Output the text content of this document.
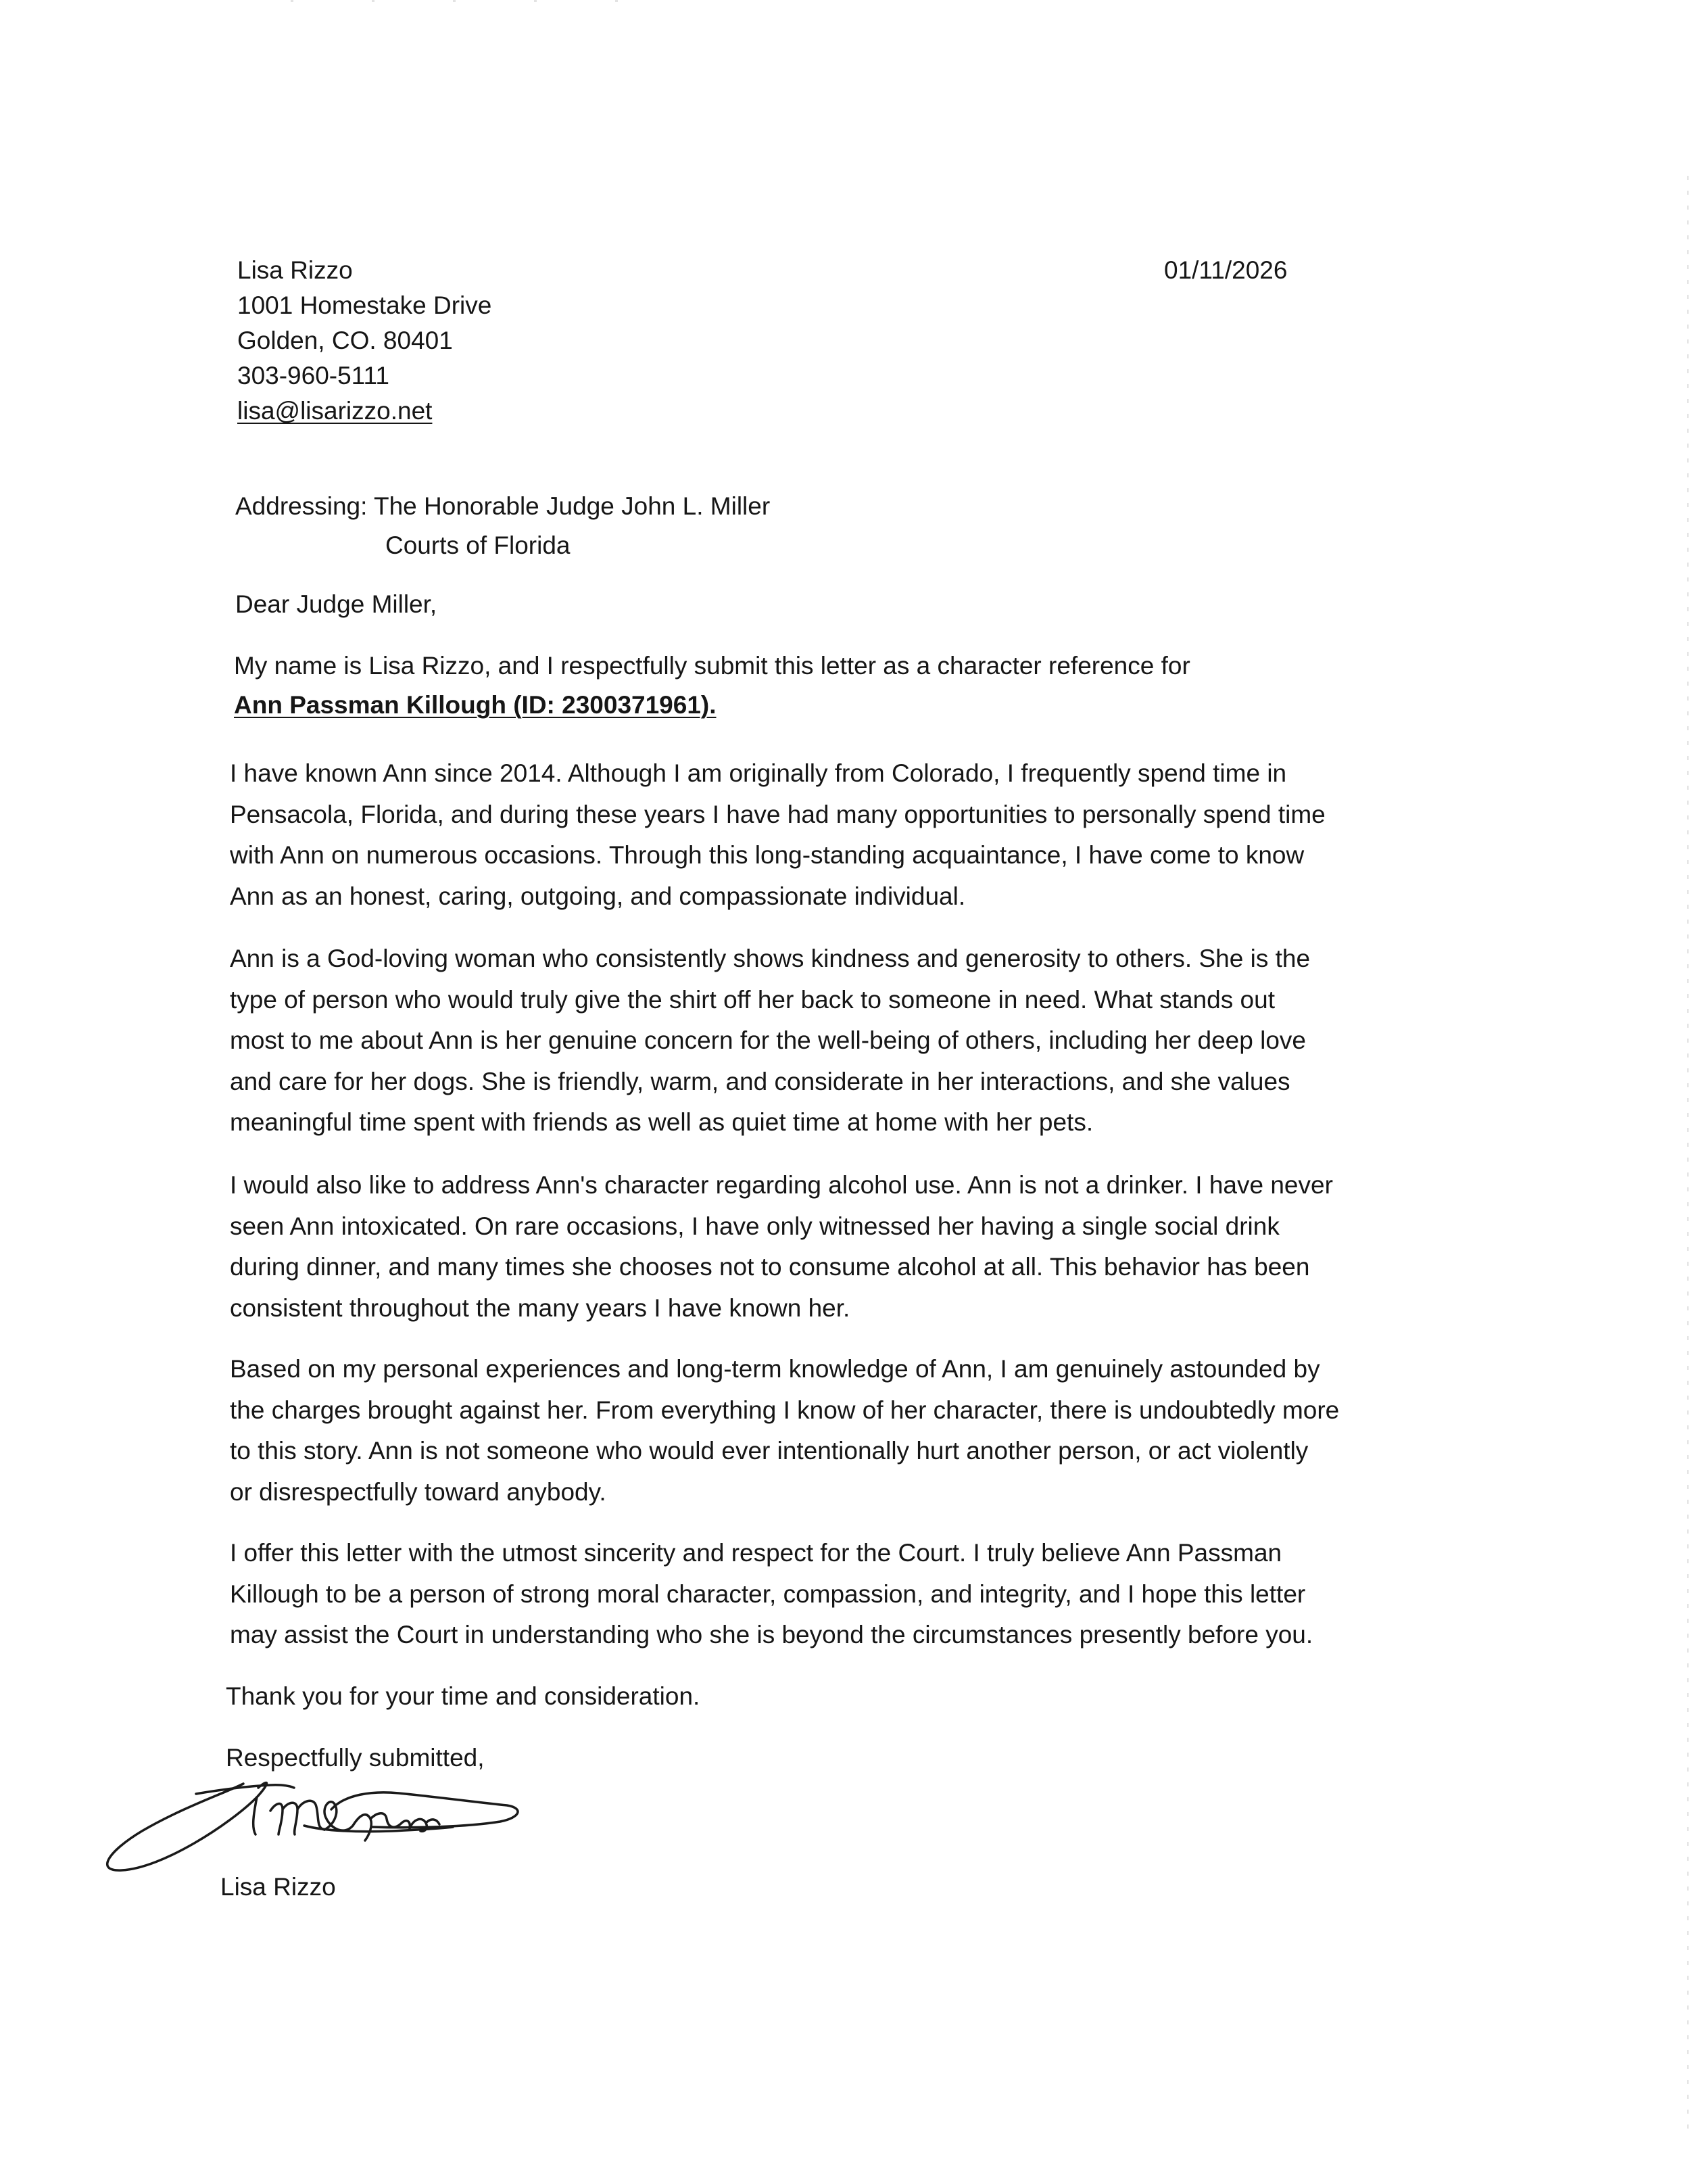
Lisa Rizzo
1001 Homestake Drive
Golden, CO. 80401
303-960-5111
lisa@lisarizzo.net
01/11/2026
Addressing: The Honorable Judge John L. Miller
Courts of Florida
Dear Judge Miller,
My name is Lisa Rizzo, and I respectfully submit this letter as a character reference for
Ann Passman Killough (ID: 2300371961).

I have known Ann since 2014. Although I am originally from Colorado, I frequently spend time in
Pensacola, Florida, and during these years I have had many opportunities to personally spend time
with Ann on numerous occasions. Through this long-standing acquaintance, I have come to know
Ann as an honest, caring, outgoing, and compassionate individual.

Ann is a God-loving woman who consistently shows kindness and generosity to others. She is the
type of person who would truly give the shirt off her back to someone in need. What stands out
most to me about Ann is her genuine concern for the well-being of others, including her deep love
and care for her dogs. She is friendly, warm, and considerate in her interactions, and she values
meaningful time spent with friends as well as quiet time at home with her pets.

I would also like to address Ann's character regarding alcohol use. Ann is not a drinker. I have never
seen Ann intoxicated. On rare occasions, I have only witnessed her having a single social drink
during dinner, and many times she chooses not to consume alcohol at all. This behavior has been
consistent throughout the many years I have known her.

Based on my personal experiences and long-term knowledge of Ann, I am genuinely astounded by
the charges brought against her. From everything I know of her character, there is undoubtedly more
to this story. Ann is not someone who would ever intentionally hurt another person, or act violently
or disrespectfully toward anybody.

I offer this letter with the utmost sincerity and respect for the Court. I truly believe Ann Passman
Killough to be a person of strong moral character, compassion, and integrity, and I hope this letter
may assist the Court in understanding who she is beyond the circumstances presently before you.

Thank you for your time and consideration.
Respectfully submitted,
Lisa Rizzo
